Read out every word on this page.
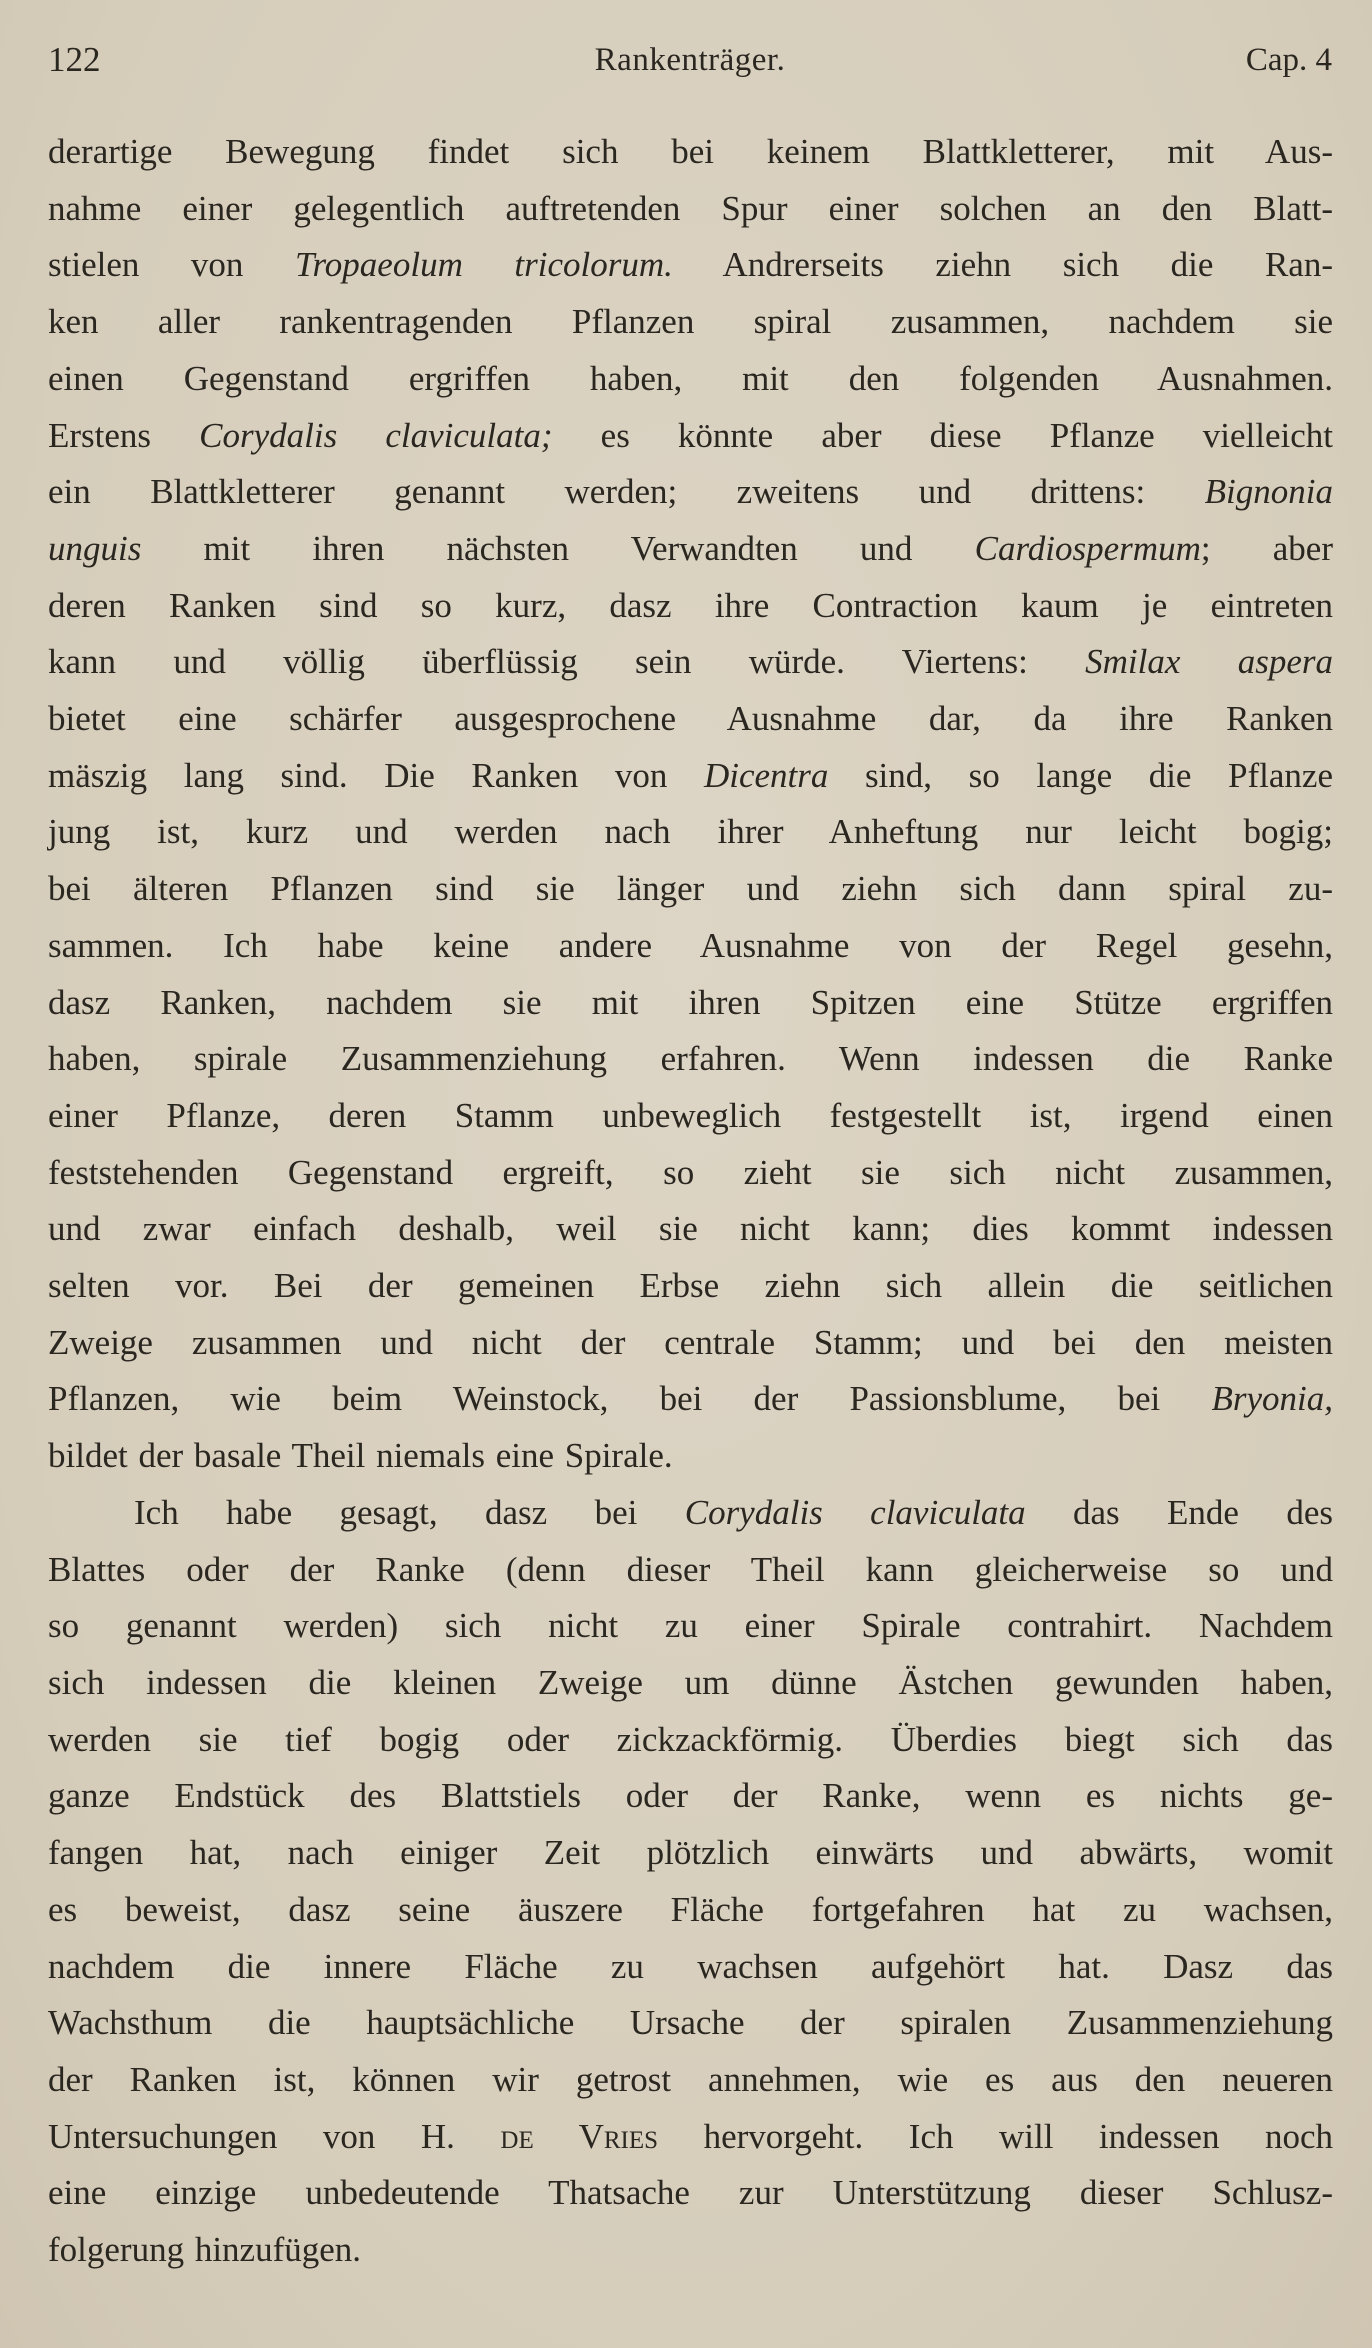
122	Rankenträger.	Cap. 4
derartige Bewegung findet sich bei keinem Blattkletterer, mit Aus-
nahme einer gelegentlich auftretenden Spur einer solchen an den Blatt-
stielen von Tropaeolum tricolorum. Andrerseits ziehn sich die Ran-
ken aller rankentragenden Pflanzen spiral zusammen, nachdem sie
einen Gegenstand ergriffen haben, mit den folgenden Ausnahmen.
Erstens Corydalis claviculata; es könnte aber diese Pflanze vielleicht
ein Blattkletterer genannt werden; zweitens und drittens: Bignonia
unguis mit ihren nächsten Verwandten und Cardiospermum; aber
deren Ranken sind so kurz, dasz ihre Contraction kaum je eintreten
kann und völlig überflüssig sein würde. Viertens: Smilax aspera
bietet eine schärfer ausgesprochene Ausnahme dar, da ihre Ranken
mäszig lang sind. Die Ranken von Dicentra sind, so lange die Pflanze
jung ist, kurz und werden nach ihrer Anheftung nur leicht bogig;
bei älteren Pflanzen sind sie länger und ziehn sich dann spiral zu-
sammen. Ich habe keine andere Ausnahme von der Regel gesehn,
dasz Ranken, nachdem sie mit ihren Spitzen eine Stütze ergriffen
haben, spirale Zusammenziehung erfahren. Wenn indessen die Ranke
einer Pflanze, deren Stamm unbeweglich festgestellt ist, irgend einen
feststehenden Gegenstand ergreift, so zieht sie sich nicht zusammen,
und zwar einfach deshalb, weil sie nicht kann; dies kommt indessen
selten vor. Bei der gemeinen Erbse ziehn sich allein die seitlichen
Zweige zusammen und nicht der centrale Stamm; und bei den meisten
Pflanzen, wie beim Weinstock, bei der Passionsblume, bei Bryonia,
bildet der basale Theil niemals eine Spirale.
Ich habe gesagt, dasz bei Corydalis claviculata das Ende des
Blattes oder der Ranke (denn dieser Theil kann gleicherweise so und
so genannt werden) sich nicht zu einer Spirale contrahirt. Nachdem
sich indessen die kleinen Zweige um dünne Ästchen gewunden haben,
werden sie tief bogig oder zickzackförmig. Überdies biegt sich das
ganze Endstück des Blattstiels oder der Ranke, wenn es nichts ge-
fangen hat, nach einiger Zeit plötzlich einwärts und abwärts, womit
es beweist, dasz seine äuszere Fläche fortgefahren hat zu wachsen,
nachdem die innere Fläche zu wachsen aufgehört hat. Dasz das
Wachsthum die hauptsächliche Ursache der spiralen Zusammenziehung
der Ranken ist, können wir getrost annehmen, wie es aus den neueren
Untersuchungen von H. de Vries hervorgeht. Ich will indessen noch
eine einzige unbedeutende Thatsache zur Unterstützung dieser Schlusz-
folgerung hinzufügen.
